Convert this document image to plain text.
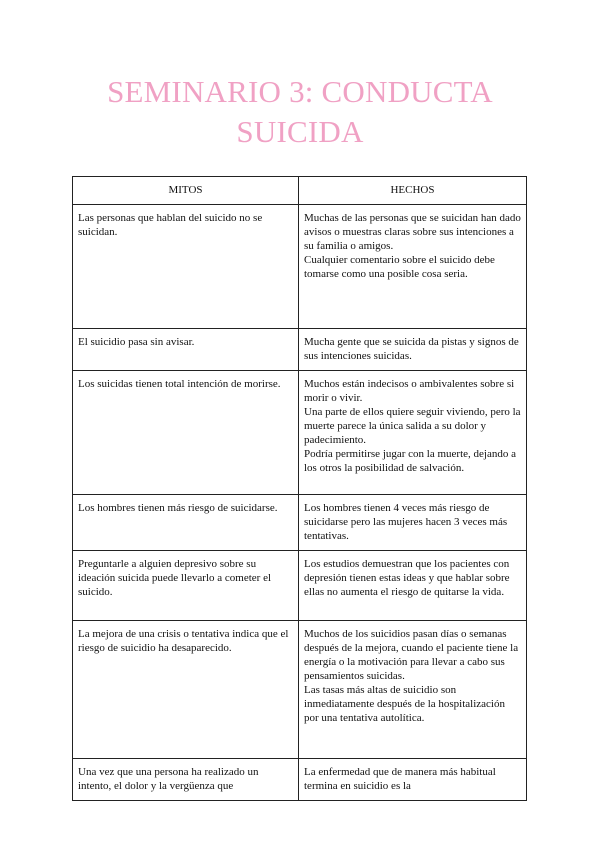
SEMINARIO 3: CONDUCTA
SUICIDA
MITOS	HECHOS
Las personas que hablan del suicido no se suicidan.	Muchas de las personas que se suicidan han dado avisos o muestras claras sobre sus intenciones a su familia o amigos.
Cualquier comentario sobre el suicido debe tomarse como una posible cosa seria.
El suicidio pasa sin avisar.	Mucha gente que se suicida da pistas y signos de sus intenciones suicidas.
Los suicidas tienen total intención de morirse.	Muchos están indecisos o ambivalentes sobre si morir o vivir.
Una parte de ellos quiere seguir viviendo, pero la muerte parece la única salida a su dolor y padecimiento.
Podría permitirse jugar con la muerte, dejando a los otros la posibilidad de salvación.
Los hombres tienen más riesgo de suicidarse.	Los hombres tienen 4 veces más riesgo de suicidarse pero las mujeres hacen 3 veces más tentativas.
Preguntarle a alguien depresivo sobre su ideación suicida puede llevarlo a cometer el suicido.	Los estudios demuestran que los pacientes con depresión tienen estas ideas y que hablar sobre ellas no aumenta el riesgo de quitarse la vida.
La mejora de una crisis o tentativa indica que el riesgo de suicidio ha desaparecido.	Muchos de los suicidios pasan días o semanas después de la mejora, cuando el paciente tiene la energía o la motivación para llevar a cabo sus pensamientos suicidas.
Las tasas más altas de suicidio son inmediatamente después de la hospitalización por una tentativa autolítica.
Una vez que una persona ha realizado un intento, el dolor y la vergüenza que	La enfermedad que de manera más habitual termina en suicidio es la
